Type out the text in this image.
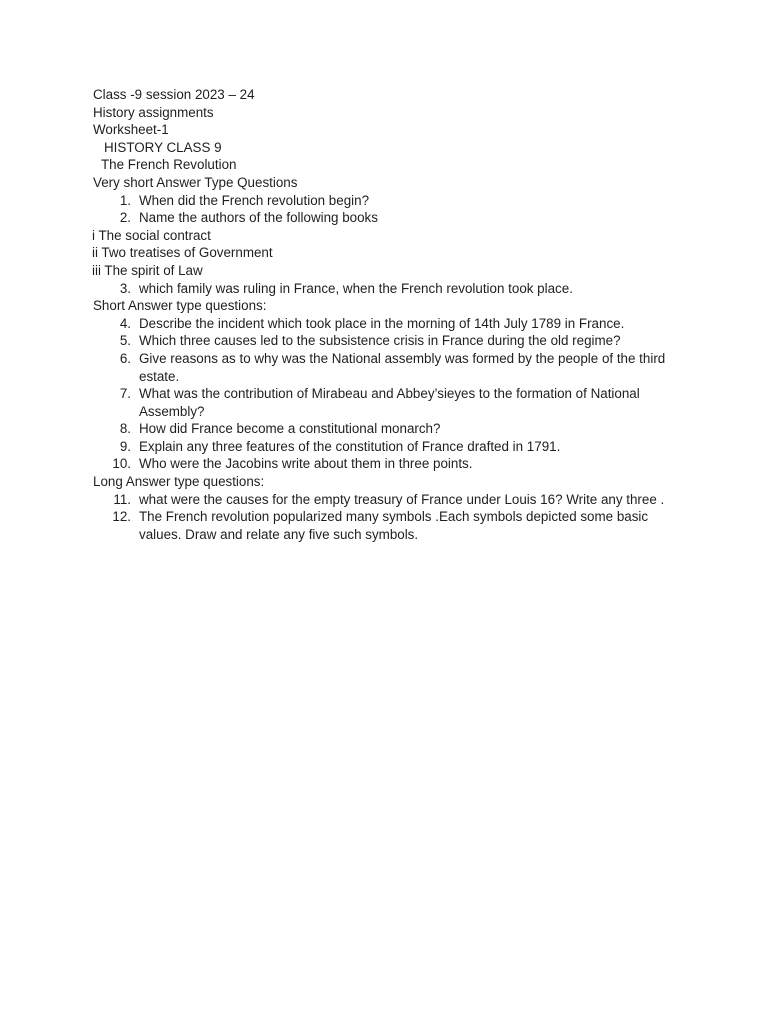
Class -9 session 2023 – 24
History assignments
Worksheet-1
HISTORY CLASS 9
The French Revolution
Very short Answer Type Questions
1. When did the French revolution begin?
2. Name the authors of the following books
i The social contract
ii Two treatises of Government
iii The spirit of Law
3. which family was ruling in France, when the French revolution took place.
Short Answer type questions:
4. Describe the incident which took place in the morning of 14th July 1789 in France.
5. Which three causes led to the subsistence crisis in France during the old regime?
6. Give reasons as to why was the National assembly was formed by the people of the third estate.
7. What was the contribution of Mirabeau and Abbey’sieyes to the formation of National Assembly?
8. How did France become a constitutional monarch?
9. Explain any three features of the constitution of France drafted in 1791.
10. Who were the Jacobins write about them in three points.
Long Answer type questions:
11. what were the causes for the empty treasury of France under Louis 16? Write any three .
12. The French revolution popularized many symbols .Each symbols depicted some basic values. Draw and relate any five such symbols.
